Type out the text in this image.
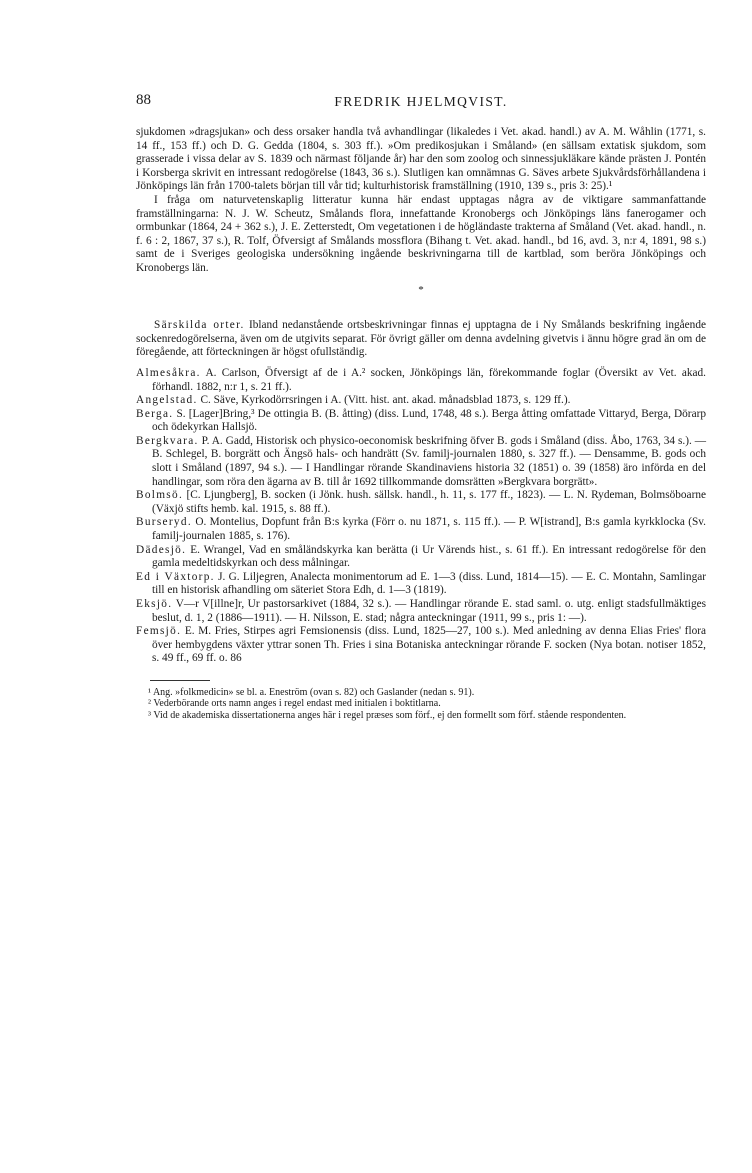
88	FREDRIK HJELMQVIST.

sjukdomen »dragsjukan» och dess orsaker handla två avhandlingar (likaledes i Vet. akad. handl.) av A. M. Wåhlin (1771, s. 14 ff., 153 ff.) och D. G. Gedda (1804, s. 303 ff.). »Om predikosjukan i Småland» (en sällsam extatisk sjukdom, som grasserade i vissa delar av S. 1839 och närmast följande år) har den som zoolog och sinnessjukläkare kände prästen J. Pontén i Korsberga skrivit en intressant redogörelse (1843, 36 s.). Slutligen kan omnämnas G. Säves arbete Sjukvårdsförhållandena i Jönköpings län från 1700-talets början till vår tid; kulturhistorisk framställning (1910, 139 s., pris 3: 25).¹

I fråga om naturvetenskaplig litteratur kunna här endast upptagas några av de viktigare sammanfattande framställningarna: N. J. W. Scheutz, Smålands flora, innefattande Kronobergs och Jönköpings läns fanerogamer och ormbunkar (1864, 24 + 362 s.), J. E. Zetterstedt, Om vegetationen i de högländaste trakterna af Småland (Vet. akad. handl., n. f. 6 : 2, 1867, 37 s.), R. Tolf, Öfversigt af Smålands mossflora (Bihang t. Vet. akad. handl., bd 16, avd. 3, n:r 4, 1891, 98 s.) samt de i Sveriges geologiska undersökning ingående beskrivningarna till de kartblad, som beröra Jönköpings och Kronobergs län.

*

Särskilda orter. Ibland nedanstående ortsbeskrivningar finnas ej upptagna de i Ny Smålands beskrifning ingående sockenredogörelserna, även om de utgivits separat. För övrigt gäller om denna avdelning givetvis i ännu högre grad än om de föregående, att förteckningen är högst ofullständig.

Almesåkra. A. Carlson, Öfversigt af de i A.² socken, Jönköpings län, förekommande foglar (Översikt av Vet. akad. förhandl. 1882, n:r 1, s. 21 ff.).

Angelstad. C. Säve, Kyrkodörrsringen i A. (Vitt. hist. ant. akad. månadsblad 1873, s. 129 ff.).

Berga. S. [Lager]Bring,³ De ottingia B. (B. åtting) (diss. Lund, 1748, 48 s.). Berga åtting omfattade Vittaryd, Berga, Dörarp och ödekyrkan Hallsjö.

Bergkvara. P. A. Gadd, Historisk och physico-oeconomisk beskrifning öfver B. gods i Småland (diss. Åbo, 1763, 34 s.). — B. Schlegel, B. borgrätt och Ängsö hals- och handrätt (Sv. familj-journalen 1880, s. 327 ff.). — Densamme, B. gods och slott i Småland (1897, 94 s.). — I Handlingar rörande Skandinaviens historia 32 (1851) o. 39 (1858) äro införda en del handlingar, som röra den ägarna av B. till år 1692 tillkommande domsrätten »Bergkvara borgrätt».

Bolmsö. [C. Ljungberg], B. socken (i Jönk. hush. sällsk. handl., h. 11, s. 177 ff., 1823). — L. N. Rydeman, Bolmsöboarne (Växjö stifts hemb. kal. 1915, s. 88 ff.).

Burseryd. O. Montelius, Dopfunt från B:s kyrka (Förr o. nu 1871, s. 115 ff.). — P. W[istrand], B:s gamla kyrkklocka (Sv. familj-journalen 1885, s. 176).

Dädesjö. E. Wrangel, Vad en småländskyrka kan berätta (i Ur Värends hist., s. 61 ff.). En intressant redogörelse för den gamla medeltidskyrkan och dess målningar.

Ed i Växtorp. J. G. Liljegren, Analecta monimentorum ad E. 1—3 (diss. Lund, 1814—15). — E. C. Montahn, Samlingar till en historisk afhandling om säteriet Stora Edh, d. 1—3 (1819).

Eksjö. V—r V[illne]r, Ur pastorsarkivet (1884, 32 s.). — Handlingar rörande E. stad saml. o. utg. enligt stadsfullmäktiges beslut, d. 1, 2 (1886—1911). — H. Nilsson, E. stad; några anteckningar (1911, 99 s., pris 1: —).

Femsjö. E. M. Fries, Stirpes agri Femsionensis (diss. Lund, 1825—27, 100 s.). Med anledning av denna Elias Fries' flora över hembygdens växter yttrar sonen Th. Fries i sina Botaniska anteckningar rörande F. socken (Nya botan. notiser 1852, s. 49 ff., 69 ff. o. 86

¹ Ang. »folkmedicin» se bl. a. Eneström (ovan s. 82) och Gaslander (nedan s. 91).

² Vederbörande orts namn anges i regel endast med initialen i boktitlarna.

³ Vid de akademiska dissertationerna anges här i regel præses som förf., ej den formellt som förf. stående respondenten.
